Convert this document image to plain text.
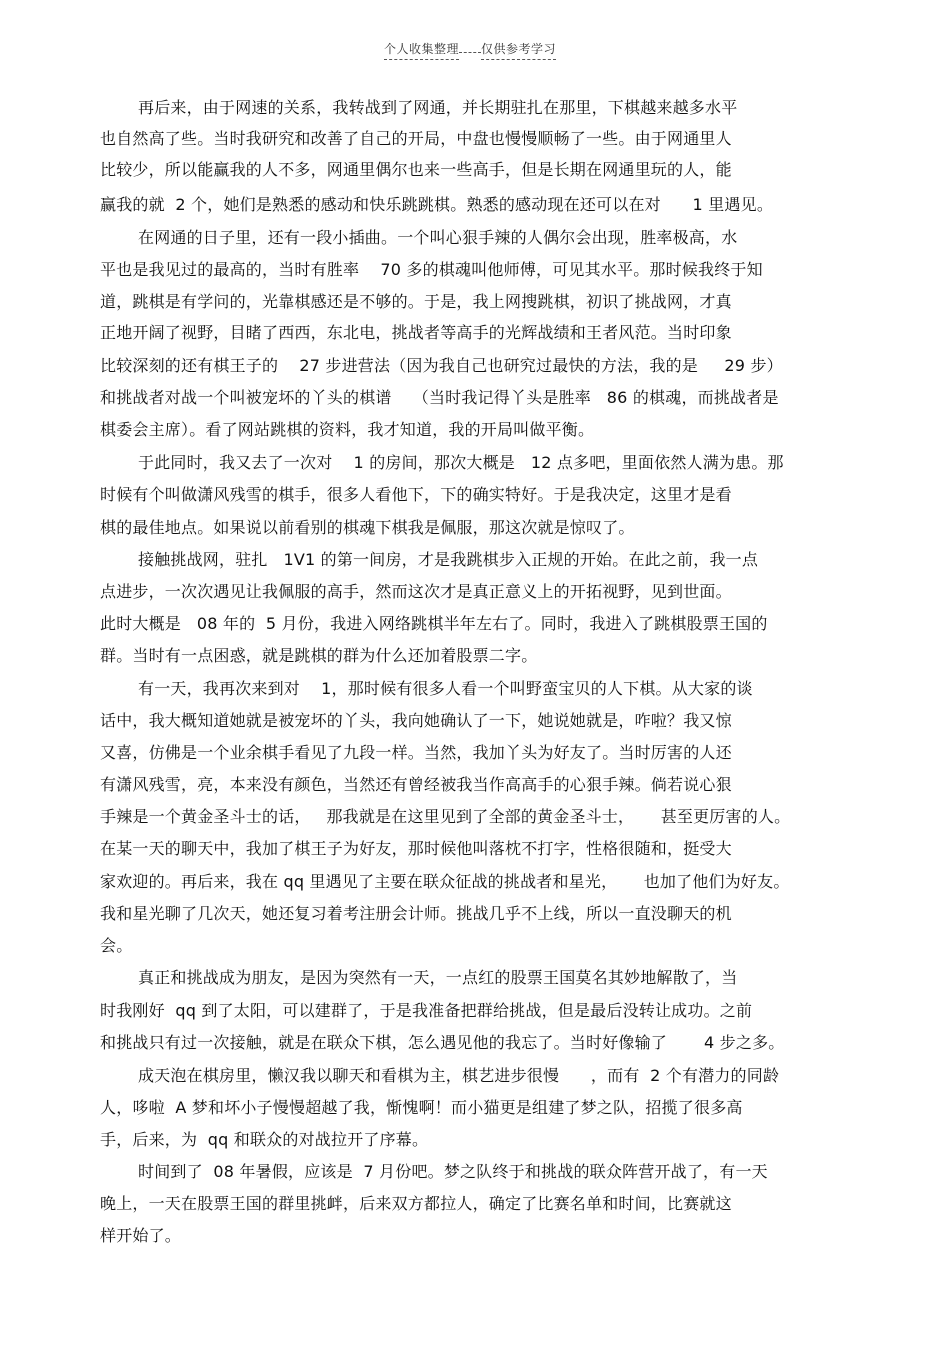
个人收集整理 仅供参考学习
再后来，由于网速的关系，我转战到了网通，并长期驻扎在那里，下棋越来越多水平
也自然高了些。当时我研究和改善了自己的开局，中盘也慢慢顺畅了一些。由于网通里人
比较少，所以能赢我的人不多，网通里偶尔也来一些高手，但是长期在网通里玩的人，能
赢我的就  2 个，她们是熟悉的感动和快乐跳跳棋。熟悉的感动现在还可以在对      1 里遇见。
在网通的日子里，还有一段小插曲。一个叫心狠手辣的人偶尔会出现，胜率极高，水
平也是我见过的最高的，当时有胜率    70 多的棋魂叫他师傅，可见其水平。那时候我终于知
道，跳棋是有学问的，光靠棋感还是不够的。于是，我上网搜跳棋，初识了挑战网，才真
正地开阔了视野，目睹了西西，东北电，挑战者等高手的光辉战绩和王者风范。当时印象
比较深刻的还有棋王子的    27 步进营法（因为我自己也研究过最快的方法，我的是     29 步）
和挑战者对战一个叫被宠坏的丫头的棋谱    （当时我记得丫头是胜率   86 的棋魂，而挑战者是
棋委会主席）。看了网站跳棋的资料，我才知道，我的开局叫做平衡。
于此同时，我又去了一次对    1 的房间，那次大概是   12 点多吧，里面依然人满为患。那
时候有个叫做潇风残雪的棋手，很多人看他下，下的确实特好。于是我决定，这里才是看
棋的最佳地点。如果说以前看别的棋魂下棋我是佩服，那这次就是惊叹了。
接触挑战网，驻扎   1V1 的第一间房，才是我跳棋步入正规的开始。在此之前，我一点
点进步，一次次遇见让我佩服的高手，然而这次才是真正意义上的开拓视野，见到世面。
此时大概是   08 年的  5 月份，我进入网络跳棋半年左右了。同时，我进入了跳棋股票王国的
群。当时有一点困惑，就是跳棋的群为什么还加着股票二字。
有一天，我再次来到对    1，那时候有很多人看一个叫野蛮宝贝的人下棋。从大家的谈
话中，我大概知道她就是被宠坏的丫头，我向她确认了一下，她说她就是，咋啦？我又惊
又喜，仿佛是一个业余棋手看见了九段一样。当然，我加丫头为好友了。当时厉害的人还
有潇风残雪，亮，本来没有颜色，当然还有曾经被我当作高高手的心狠手辣。倘若说心狠
手辣是一个黄金圣斗士的话，   那我就是在这里见到了全部的黄金圣斗士，     甚至更厉害的人。
在某一天的聊天中，我加了棋王子为好友，那时候他叫落枕不打字，性格很随和，挺受大
家欢迎的。再后来，我在 qq 里遇见了主要在联众征战的挑战者和星光，     也加了他们为好友。
我和星光聊了几次天，她还复习着考注册会计师。挑战几乎不上线，所以一直没聊天的机
会。
真正和挑战成为朋友，是因为突然有一天，一点红的股票王国莫名其妙地解散了，当
时我刚好  qq 到了太阳，可以建群了，于是我准备把群给挑战，但是最后没转让成功。之前
和挑战只有过一次接触，就是在联众下棋，怎么遇见他的我忘了。当时好像输了       4 步之多。
成天泡在棋房里，懒汉我以聊天和看棋为主，棋艺进步很慢      ，而有  2 个有潜力的同龄
人，哆啦  A 梦和坏小子慢慢超越了我，惭愧啊！而小猫更是组建了梦之队，招揽了很多高
手，后来，为  qq 和联众的对战拉开了序幕。
时间到了  08 年暑假，应该是  7 月份吧。梦之队终于和挑战的联众阵营开战了，有一天
晚上，一天在股票王国的群里挑衅，后来双方都拉人，确定了比赛名单和时间，比赛就这
样开始了。
